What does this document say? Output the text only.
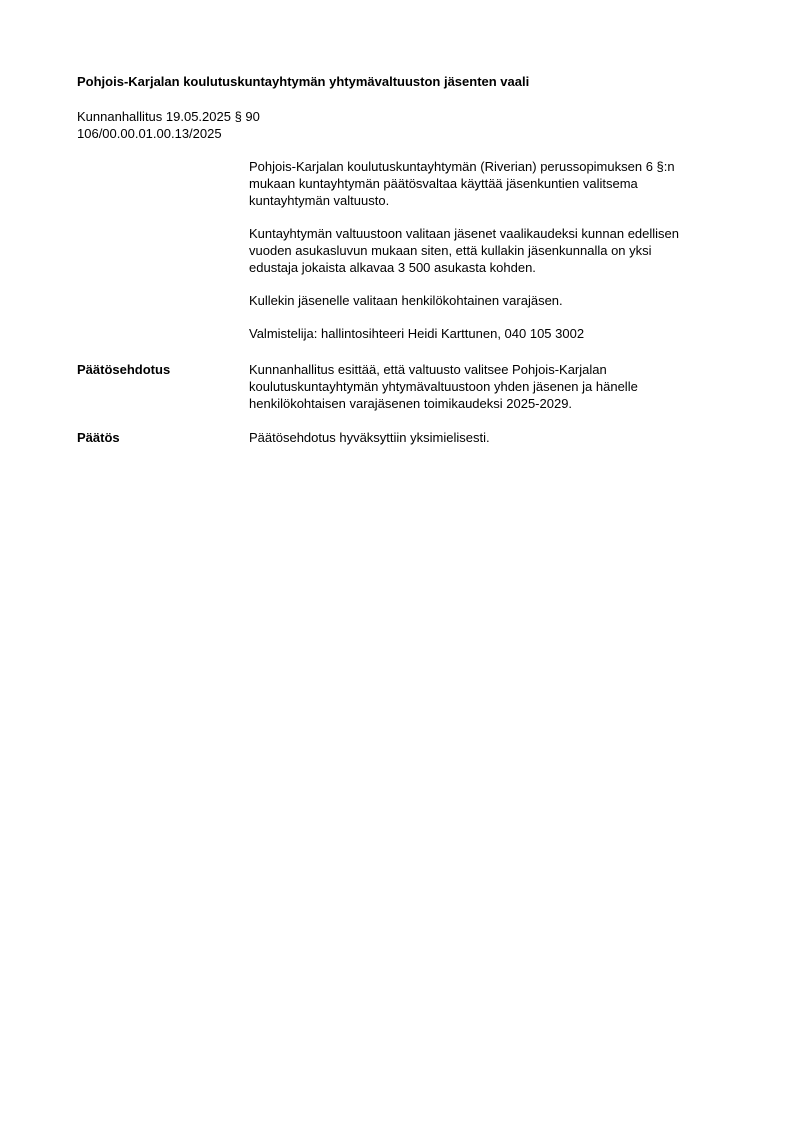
Pohjois-Karjalan koulutuskuntayhtymän yhtymävaltuuston jäsenten vaali
Kunnanhallitus 19.05.2025 § 90
106/00.00.01.00.13/2025
Pohjois-Karjalan koulutuskuntayhtymän (Riverian) perussopimuksen 6 §:n
mukaan kuntayhtymän päätösvaltaa käyttää jäsenkuntien valitsema
kuntayhtymän valtuusto.
Kuntayhtymän valtuustoon valitaan jäsenet vaalikaudeksi kunnan edellisen
vuoden asukasluvun mukaan siten, että kullakin jäsenkunnalla on yksi
edustaja jokaista alkavaa 3 500 asukasta kohden.
Kullekin jäsenelle valitaan henkilökohtainen varajäsen.
Valmistelija: hallintosihteeri Heidi Karttunen, 040 105 3002
Päätösehdotus	Kunnanhallitus esittää, että valtuusto valitsee Pohjois-Karjalan
koulutuskuntayhtymän yhtymävaltuustoon yhden jäsenen ja hänelle
henkilökohtaisen varajäsenen toimikaudeksi 2025-2029.
Päätös	Päätösehdotus hyväksyttiin yksimielisesti.
